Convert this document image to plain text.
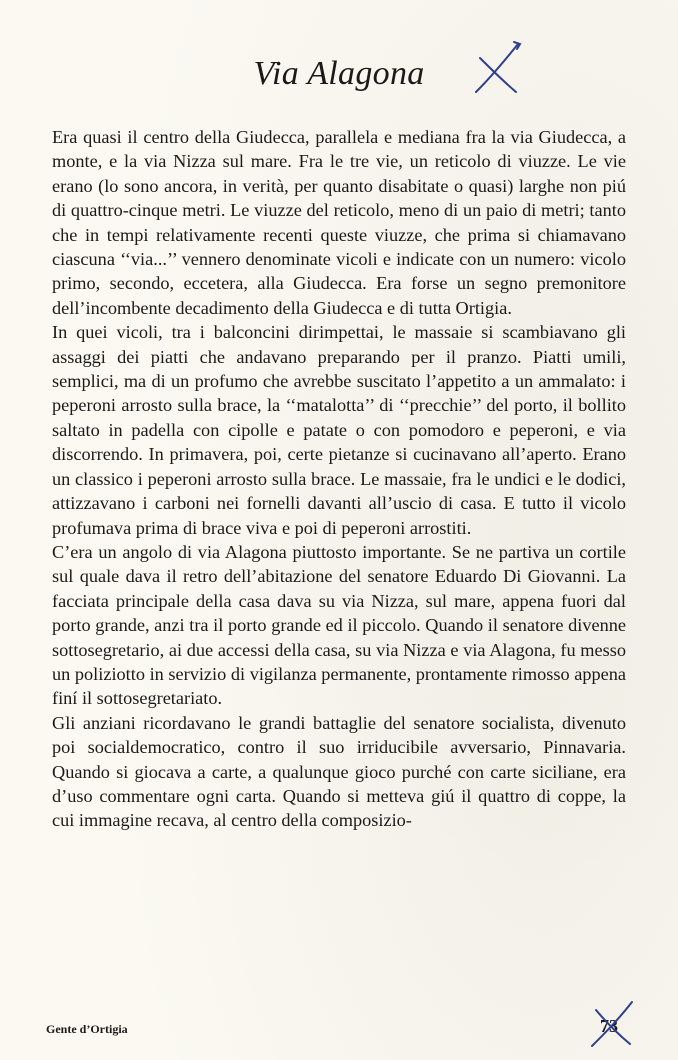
Via Alagona

Era quasi il centro della Giudecca, parallela e mediana fra la via Giudecca, a monte, e la via Nizza sul mare. Fra le tre vie, un reticolo di viuzze. Le vie erano (lo sono ancora, in verità, per quanto disabitate o quasi) larghe non piú di quattro-cinque metri. Le viuzze del reticolo, meno di un paio di metri; tanto che in tempi relativamente recenti queste viuzze, che prima si chiamavano ciascuna ‘‘via...’’ vennero denominate vicoli e indicate con un numero: vicolo primo, secondo, eccetera, alla Giudecca. Era forse un segno premonitore dell’incombente decadimento della Giudecca e di tutta Ortigia.

In quei vicoli, tra i balconcini dirimpettai, le massaie si scambiavano gli assaggi dei piatti che andavano preparando per il pranzo. Piatti umili, semplici, ma di un profumo che avrebbe suscitato l’appetito a un ammalato: i peperoni arrosto sulla brace, la ‘‘matalotta’’ di ‘‘precchie’’ del porto, il bollito saltato in padella con cipolle e patate o con pomodoro e peperoni, e via discorrendo. In primavera, poi, certe pietanze si cucinavano all’aperto. Erano un classico i peperoni arrosto sulla brace. Le massaie, fra le undici e le dodici, attizzavano i carboni nei fornelli davanti all’uscio di casa. E tutto il vicolo profumava prima di brace viva e poi di peperoni arrostiti.

C’era un angolo di via Alagona piuttosto importante. Se ne partiva un cortile sul quale dava il retro dell’abitazione del senatore Eduardo Di Giovanni. La facciata principale della casa dava su via Nizza, sul mare, appena fuori dal porto grande, anzi tra il porto grande ed il piccolo. Quando il senatore divenne sottosegretario, ai due accessi della casa, su via Nizza e via Alagona, fu messo un poliziotto in servizio di vigilanza permanente, prontamente rimosso appena finí il sottosegretariato.

Gli anziani ricordavano le grandi battaglie del senatore socialista, divenuto poi socialdemocratico, contro il suo irriducibile avversario, Pinnavaria. Quando si giocava a carte, a qualunque gioco purché con carte siciliane, era d’uso commentare ogni carta. Quando si metteva giú il quattro di coppe, la cui immagine recava, al centro della composizio-

Gente d’Ortigia	73
